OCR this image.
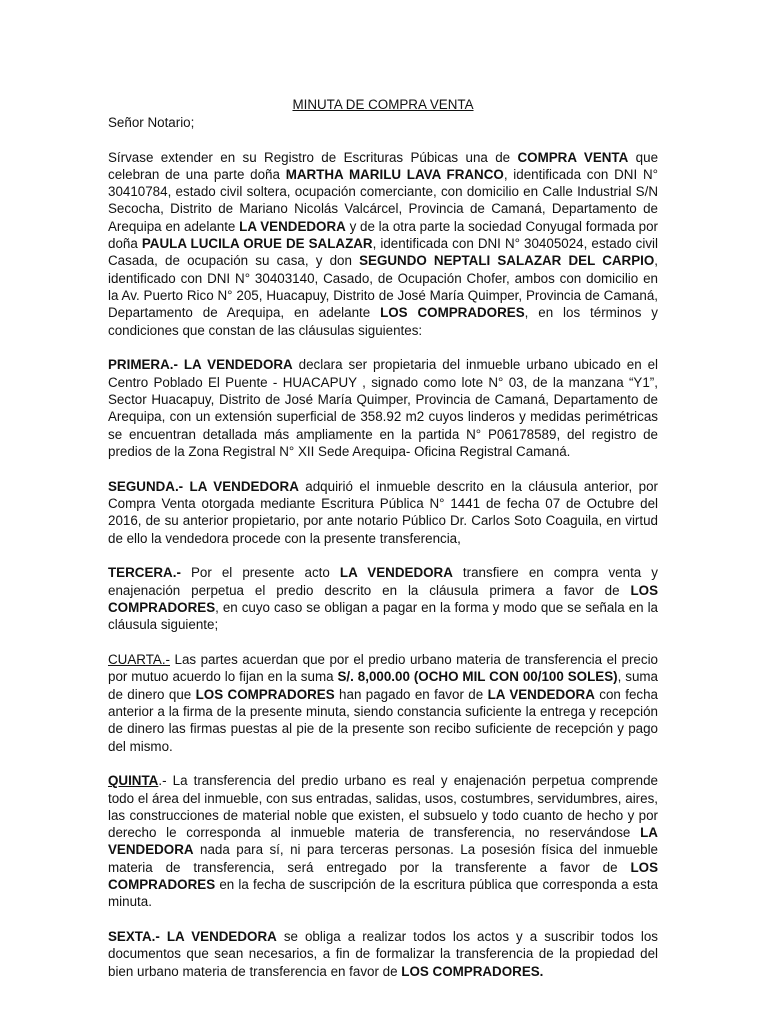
MINUTA DE COMPRA VENTA
Señor Notario;

Sírvase extender en su Registro de Escrituras Púbicas una de COMPRA VENTA que celebran de una parte doña MARTHA MARILU LAVA FRANCO, identificada con DNI N° 30410784, estado civil soltera, ocupación comerciante, con domicilio en Calle Industrial S/N Secocha, Distrito de Mariano Nicolás Valcárcel, Provincia de Camaná, Departamento de Arequipa en adelante LA VENDEDORA y de la otra parte la sociedad Conyugal formada por doña PAULA LUCILA ORUE DE SALAZAR, identificada con DNI N° 30405024, estado civil Casada, de ocupación su casa, y don SEGUNDO NEPTALI SALAZAR DEL CARPIO, identificado con DNI N° 30403140, Casado, de Ocupación Chofer, ambos con domicilio en la Av. Puerto Rico N° 205, Huacapuy, Distrito de José María Quimper, Provincia de Camaná, Departamento de Arequipa, en adelante LOS COMPRADORES, en los términos y condiciones que constan de las cláusulas siguientes:

PRIMERA.- LA VENDEDORA declara ser propietaria del inmueble urbano ubicado en el Centro Poblado El Puente - HUACAPUY , signado como lote N° 03, de la manzana “Y1”, Sector Huacapuy, Distrito de José María Quimper, Provincia de Camaná, Departamento de Arequipa, con un extensión superficial de 358.92 m2 cuyos linderos y medidas perimétricas se encuentran detallada más ampliamente en la partida N° P06178589, del registro de predios de la Zona Registral N° XII Sede Arequipa- Oficina Registral Camaná.

SEGUNDA.- LA VENDEDORA adquirió el inmueble descrito en la cláusula anterior, por Compra Venta otorgada mediante Escritura Pública N° 1441 de fecha 07 de Octubre del 2016, de su anterior propietario, por ante notario Público Dr. Carlos Soto Coaguila, en virtud de ello la vendedora procede con la presente transferencia,

TERCERA.- Por el presente acto LA VENDEDORA transfiere en compra venta y enajenación perpetua el predio descrito en la cláusula primera a favor de LOS COMPRADORES, en cuyo caso se obligan a pagar en la forma y modo que se señala en la cláusula siguiente;

CUARTA.- Las partes acuerdan que por el predio urbano materia de transferencia el precio por mutuo acuerdo lo fijan en la suma S/. 8,000.00 (OCHO MIL CON 00/100 SOLES), suma de dinero que LOS COMPRADORES han pagado en favor de LA VENDEDORA con fecha anterior a la firma de la presente minuta, siendo constancia suficiente la entrega y recepción de dinero las firmas puestas al pie de la presente son recibo suficiente de recepción y pago del mismo.

QUINTA.- La transferencia del predio urbano es real y enajenación perpetua comprende todo el área del inmueble, con sus entradas, salidas, usos, costumbres, servidumbres, aires, las construcciones de material noble que existen, el subsuelo y todo cuanto de hecho y por derecho le corresponda al inmueble materia de transferencia, no reservándose LA VENDEDORA nada para sí, ni para terceras personas. La posesión física del inmueble materia de transferencia, será entregado por la transferente a favor de LOS COMPRADORES en la fecha de suscripción de la escritura pública que corresponda a esta minuta.

SEXTA.- LA VENDEDORA se obliga a realizar todos los actos y a suscribir todos los documentos que sean necesarios, a fin de formalizar la transferencia de la propiedad del bien urbano materia de transferencia en favor de LOS COMPRADORES.
